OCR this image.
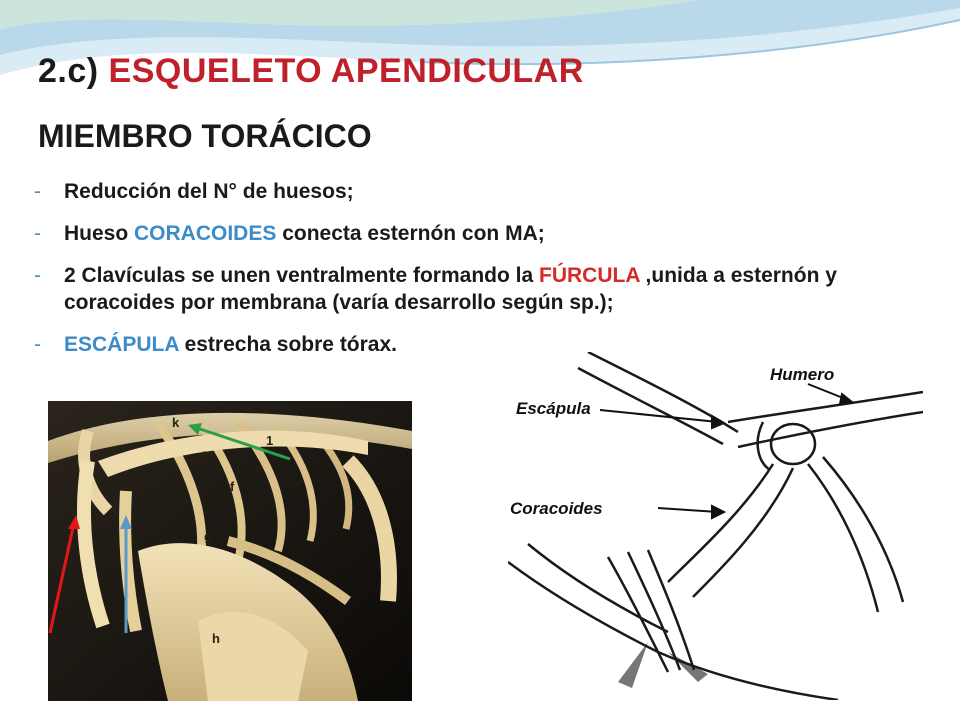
2.c) ESQUELETO APENDICULAR
MIEMBRO TORÁCICO
- Reducción del N° de huesos;
- Hueso CORACOIDES conecta esternón con MA;
- 2 Clavículas se unen ventralmente formando la FÚRCULA ,unida a esternón y coracoides por membrana (varía desarrollo según sp.);
- ESCÁPULA estrecha sobre tórax.
i	a
b	c
k
d
1
2	e
f
j
g
h
Humero
Escápula
Coracoides
